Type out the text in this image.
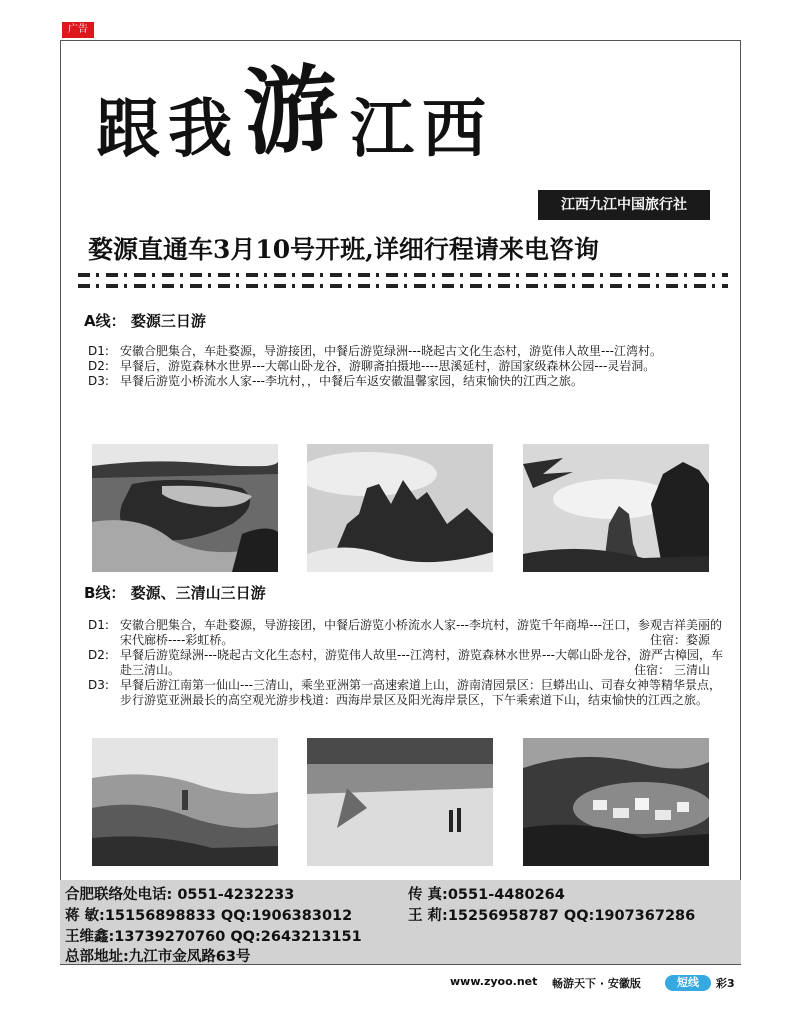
广告
跟我游江西
江西九江中国旅行社
婺源直通车3月10号开班,详细行程请来电咨询
A线： 婺源三日游
D1: 安徽合肥集合，车赴婺源，导游接团，中餐后游览绿洲---晓起古文化生态村，游览伟人故里---江湾村。
D2: 早餐后，游览森林水世界---大鄣山卧龙谷，游聊斋拍摄地----思溪延村，游国家级森林公园---灵岩洞。
D3: 早餐后游览小桥流水人家---李坑村，，中餐后车返安徽温馨家园，结束愉快的江西之旅。
B线： 婺源、三清山三日游
D1: 安徽合肥集合，车赴婺源，导游接团，中餐后游览小桥流水人家---李坑村，游览千年商埠---汪口，参观吉祥美丽的宋代廊桥----彩虹桥。	住宿：婺源
D2: 早餐后游览绿洲---晓起古文化生态村，游览伟人故里---江湾村，游览森林水世界---大鄣山卧龙谷，游严古樟园，车赴三清山。	住宿： 三清山
D3: 早餐后游江南第一仙山---三清山，乘坐亚洲第一高速索道上山，游南清园景区：巨蟒出山、司春女神等精华景点，步行游览亚洲最长的高空观光游步栈道：西海岸景区及阳光海岸景区，下午乘索道下山，结束愉快的江西之旅。
合肥联络处电话: 0551-4232233	传 真:0551-4480264
蒋 敏:15156898833 QQ:1906383012	王 莉:15256958787 QQ:1907367286
王维鑫:13739270760 QQ:2643213151
总部地址:九江市金凤路63号
www.zyoo.net 畅游天下 · 安徽版	短线	彩3
